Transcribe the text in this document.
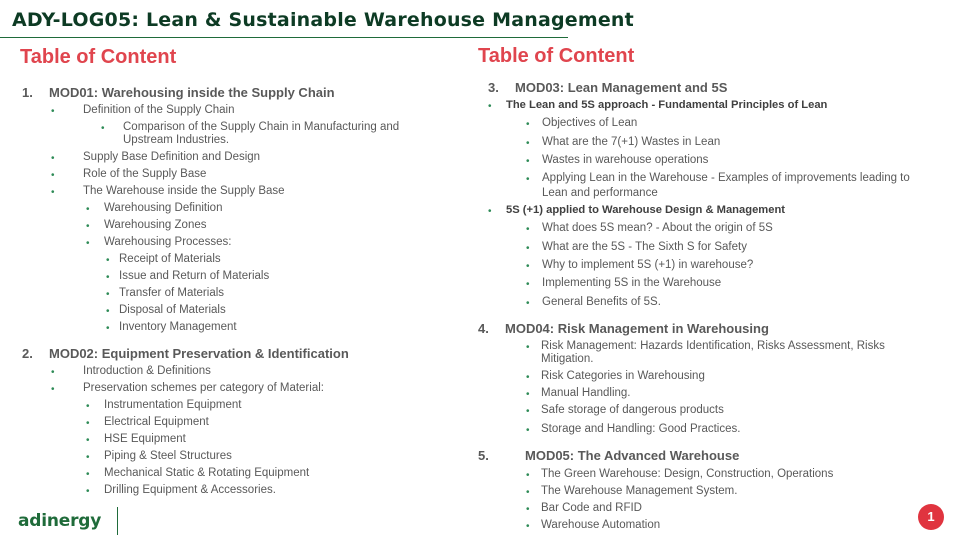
ADY-LOG05: Lean & Sustainable Warehouse Management
Table of Content
1. MOD01: Warehousing inside the Supply Chain
• Definition of the Supply Chain
• Comparison of the Supply Chain in Manufacturing and
Upstream Industries.
• Supply Base Definition and Design
• Role of the Supply Base
• The Warehouse inside the Supply Base
• Warehousing Definition
• Warehousing Zones
• Warehousing Processes:
• Receipt of Materials
• Issue and Return of Materials
• Transfer of Materials
• Disposal of Materials
• Inventory Management
2. MOD02: Equipment Preservation & Identification
• Introduction & Definitions
• Preservation schemes per category of Material:
• Instrumentation Equipment
• Electrical Equipment
• HSE Equipment
• Piping & Steel Structures
• Mechanical Static & Rotating Equipment
• Drilling Equipment & Accessories.
Table of Content
3. MOD03: Lean Management and 5S
• The Lean and 5S approach - Fundamental Principles of Lean
• Objectives of Lean
• What are the 7(+1) Wastes in Lean
• Wastes in warehouse operations
• Applying Lean in the Warehouse - Examples of improvements leading to
Lean and performance
• 5S (+1) applied to Warehouse Design & Management
• What does 5S mean? - About the origin of 5S
• What are the 5S - The Sixth S for Safety
• Why to implement 5S (+1) in warehouse?
• Implementing 5S in the Warehouse
• General Benefits of 5S.
4. MOD04: Risk Management in Warehousing
• Risk Management: Hazards Identification, Risks Assessment, Risks
Mitigation.
• Risk Categories in Warehousing
• Manual Handling.
• Safe storage of dangerous products
• Storage and Handling: Good Practices.
5.	MOD05: The Advanced Warehouse
• The Green Warehouse: Design, Construction, Operations
• The Warehouse Management System.
• Bar Code and RFID
• Warehouse Automation
adinergy	1
